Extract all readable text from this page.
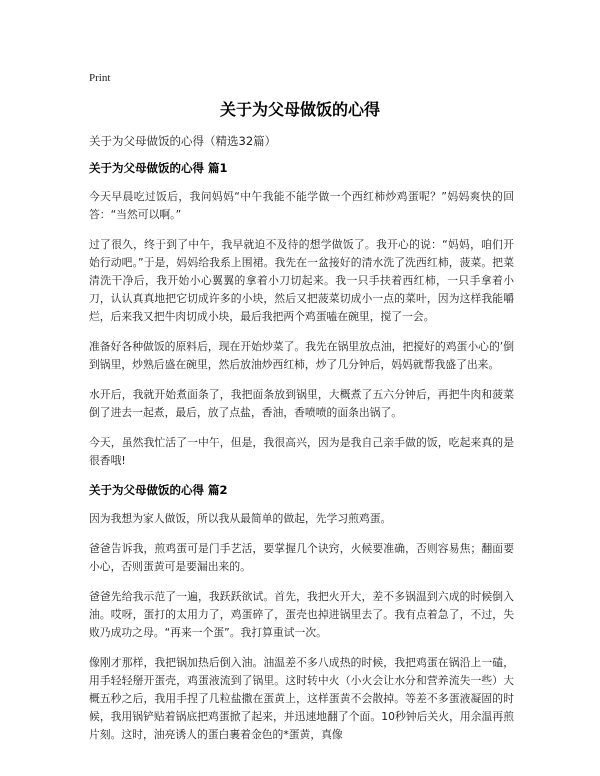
Print
关于为父母做饭的心得
关于为父母做饭的心得（精选32篇）

关于为父母做饭的心得 篇1

今天早晨吃过饭后，我问妈妈“中午我能不能学做一个西红柿炒鸡蛋呢？”妈妈爽快的回答：“当然可以啊。”

过了很久，终于到了中午，我早就迫不及待的想学做饭了。我开心的说：“妈妈，咱们开始行动吧。”于是，妈妈给我系上围裙。我先在一盆接好的清水洗了洗西红柿，菠菜。把菜清洗干净后，我开始小心翼翼的拿着小刀切起来。我一只手扶着西红柿，一只手拿着小刀，认认真真地把它切成许多的小块，然后又把菠菜切成小一点的菜叶，因为这样我能嚼烂，后来我又把牛肉切成小块，最后我把两个鸡蛋嗑在碗里，搅了一会。

准备好各种做饭的原料后，现在开始炒菜了。我先在锅里放点油，把搅好的鸡蛋小心的’倒到锅里，炒熟后盛在碗里，然后放油炒西红柿，炒了几分钟后，妈妈就帮我盛了出来。

水开后，我就开始煮面条了，我把面条放到锅里，大概煮了五六分钟后，再把牛肉和菠菜倒了进去一起煮，最后，放了点盐，香油，香喷喷的面条出锅了。

今天，虽然我忙活了一中午，但是，我很高兴，因为是我自己亲手做的饭，吃起来真的是很香哦!

关于为父母做饭的心得 篇2

因为我想为家人做饭，所以我从最简单的做起，先学习煎鸡蛋。

爸爸告诉我，煎鸡蛋可是门手艺活，要掌握几个诀窍，火候要准确，否则容易焦；翻面要小心，否则蛋黄可是要漏出来的。

爸爸先给我示范了一遍，我跃跃欲试。首先，我把火开大，差不多锅温到六成的时候倒入油。哎呀，蛋打的太用力了，鸡蛋碎了，蛋壳也掉进锅里去了。我有点着急了，不过，失败乃成功之母。“再来一个蛋”。我打算重试一次。

像刚才那样，我把锅加热后倒入油。油温差不多八成热的时候，我把鸡蛋在锅沿上一磕，用手轻轻掰开蛋壳，鸡蛋液流到了锅里。这时转中火（小火会让水分和营养流失一些）大概五秒之后，我用手捏了几粒盐撒在蛋黄上，这样蛋黄不会散掉。等差不多蛋液凝固的时候，我用锅铲贴着锅底把鸡蛋掀了起来，并迅速地翻了个面。10秒钟后关火，用余温再煎片刻。这时，油亮诱人的蛋白裹着金色的*蛋黄，真像
